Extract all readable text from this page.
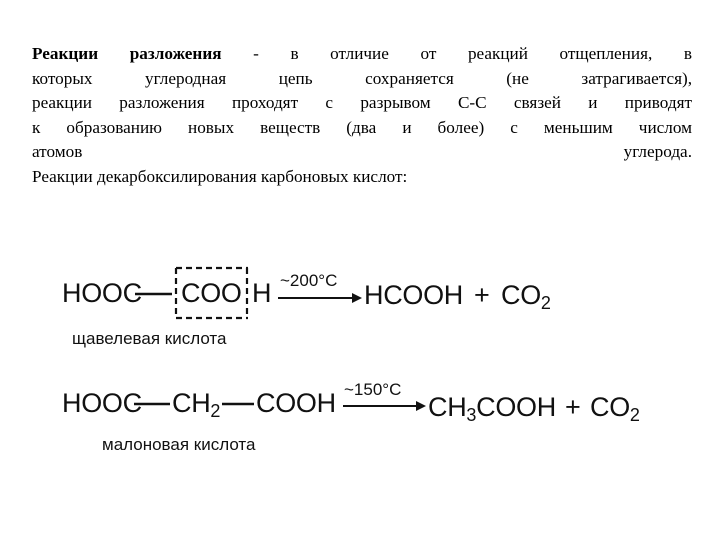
Реакции разложения - в отличие от реакций отщепления, в
которых углеродная цепь сохраняется (не затрагивается),
реакции разложения проходят с разрывом С-С связей и приводят
к образованию новых веществ (два и более) с меньшим числом
атомов углерода.
Реакции декарбоксилирования карбоновых кислот:
HOOC COO H ~200°C HCOOH + $CO_2$
щавелевая кислота
HOOC $CH_2$ COOH ~150°C
$CH_3COOH + CO_2$
малоновая кислота
